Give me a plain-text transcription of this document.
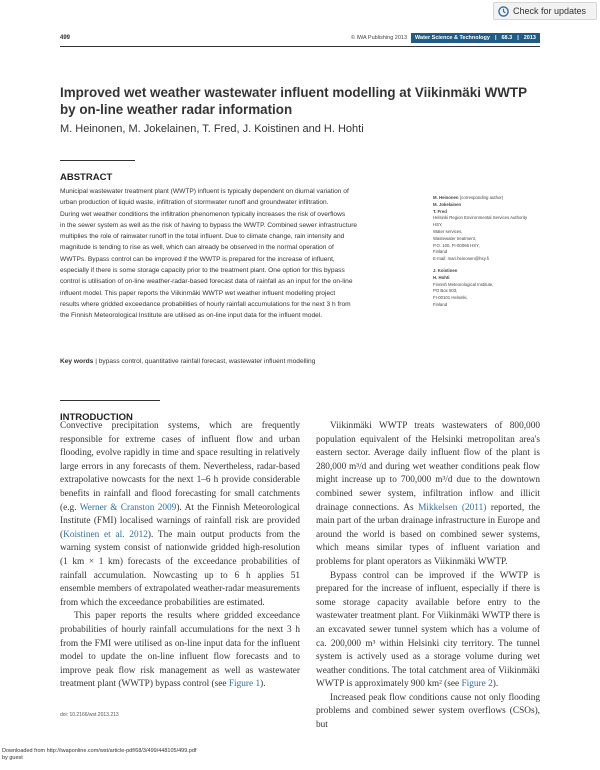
Check for updates
499	© IWA Publishing 2013 Water Science & Technology | 68.3 | 2013
Improved wet weather wastewater influent modelling at Viikinmäki WWTP by on-line weather radar information
M. Heinonen, M. Jokelainen, T. Fred, J. Koistinen and H. Hohti
ABSTRACT
Municipal wastewater treatment plant (WWTP) influent is typically dependent on diurnal variation of
urban production of liquid waste, infiltration of stormwater runoff and groundwater infiltration.
During wet weather conditions the infiltration phenomenon typically increases the risk of overflows
in the sewer system as well as the risk of having to bypass the WWTP. Combined sewer infrastructure
multiplies the role of rainwater runoff in the total influent. Due to climate change, rain intensity and
magnitude is tending to rise as well, which can already be observed in the normal operation of
WWTPs. Bypass control can be improved if the WWTP is prepared for the increase of influent,
especially if there is some storage capacity prior to the treatment plant. One option for this bypass
control is utilisation of on-line weather-radar-based forecast data of rainfall as an input for the on-line
influent model. This paper reports the Viikinmäki WWTP wet weather influent modelling project
results where gridded exceedance probabilities of hourly rainfall accumulations for the next 3 h from
the Finnish Meteorological Institute are utilised as on-line input data for the influent model.
Key words | bypass control, quantitative rainfall forecast, wastewater influent modelling
M. Heinonen (corresponding author)
M. Jokelainen
T. Fred
Helsinki Region Environmental Services Authority
HSY,
Water services,
Wastewater treatment,
P.O. 100, FI-00066 HSY,
Finland
E-mail: mari.heinonen@hsy.fi
J. Koistinen
H. Hohti
Finnish Meteorological Institute,
PO Box 503,
FI-00101 Helsinki,
Finland
INTRODUCTION

Convective precipitation systems, which are frequently responsible for extreme cases of influent flow and urban flooding, evolve rapidly in time and space resulting in relatively large errors in any forecasts of them. Nevertheless, radar-based extrapolative nowcasts for the next 1–6 h provide considerable benefits in rainfall and flood forecasting for small catchments (e.g. Werner & Cranston 2009). At the Finnish Meteorological Institute (FMI) localised warnings of rainfall risk are provided (Koistinen et al. 2012). The main output products from the warning system consist of nationwide gridded high-resolution (1 km × 1 km) forecasts of the exceedance probabilities of rainfall accumulation. Nowcasting up to 6 h applies 51 ensemble members of extrapolated weather-radar measurements from which the exceedance probabilities are estimated.

This paper reports the results where gridded exceedance probabilities of hourly rainfall accumulations for the next 3 h from the FMI were utilised as on-line input data for the influent model to update the on-line influent flow forecasts and to improve peak flow risk management as well as wastewater treatment plant (WWTP) bypass control (see Figure 1).

Viikinmäki WWTP treats wastewaters of 800,000 population equivalent of the Helsinki metropolitan area's eastern sector. Average daily influent flow of the plant is 280,000 m³/d and during wet weather conditions peak flow might increase up to 700,000 m³/d due to the downtown combined sewer system, infiltration inflow and illicit drainage connections. As Mikkelsen (2011) reported, the main part of the urban drainage infrastructure in Europe and around the world is based on combined sewer systems, which means similar types of influent variation and problems for plant operators as Viikinmäki WWTP.

Bypass control can be improved if the WWTP is prepared for the increase of influent, especially if there is some storage capacity available before entry to the wastewater treatment plant. For Viikinmäki WWTP there is an excavated sewer tunnel system which has a volume of ca. 200,000 m³ within Helsinki city territory. The tunnel system is actively used as a storage volume during wet weather conditions. The total catchment area of Viikinmäki WWTP is approximately 900 km² (see Figure 2).

Increased peak flow conditions cause not only flooding problems and combined sewer system overflows (CSOs), but

doi: 10.2166/wst.2013.213
Downloaded from http://iwaponline.com/wst/article-pdf/68/3/499/448105/499.pdf
by guest
